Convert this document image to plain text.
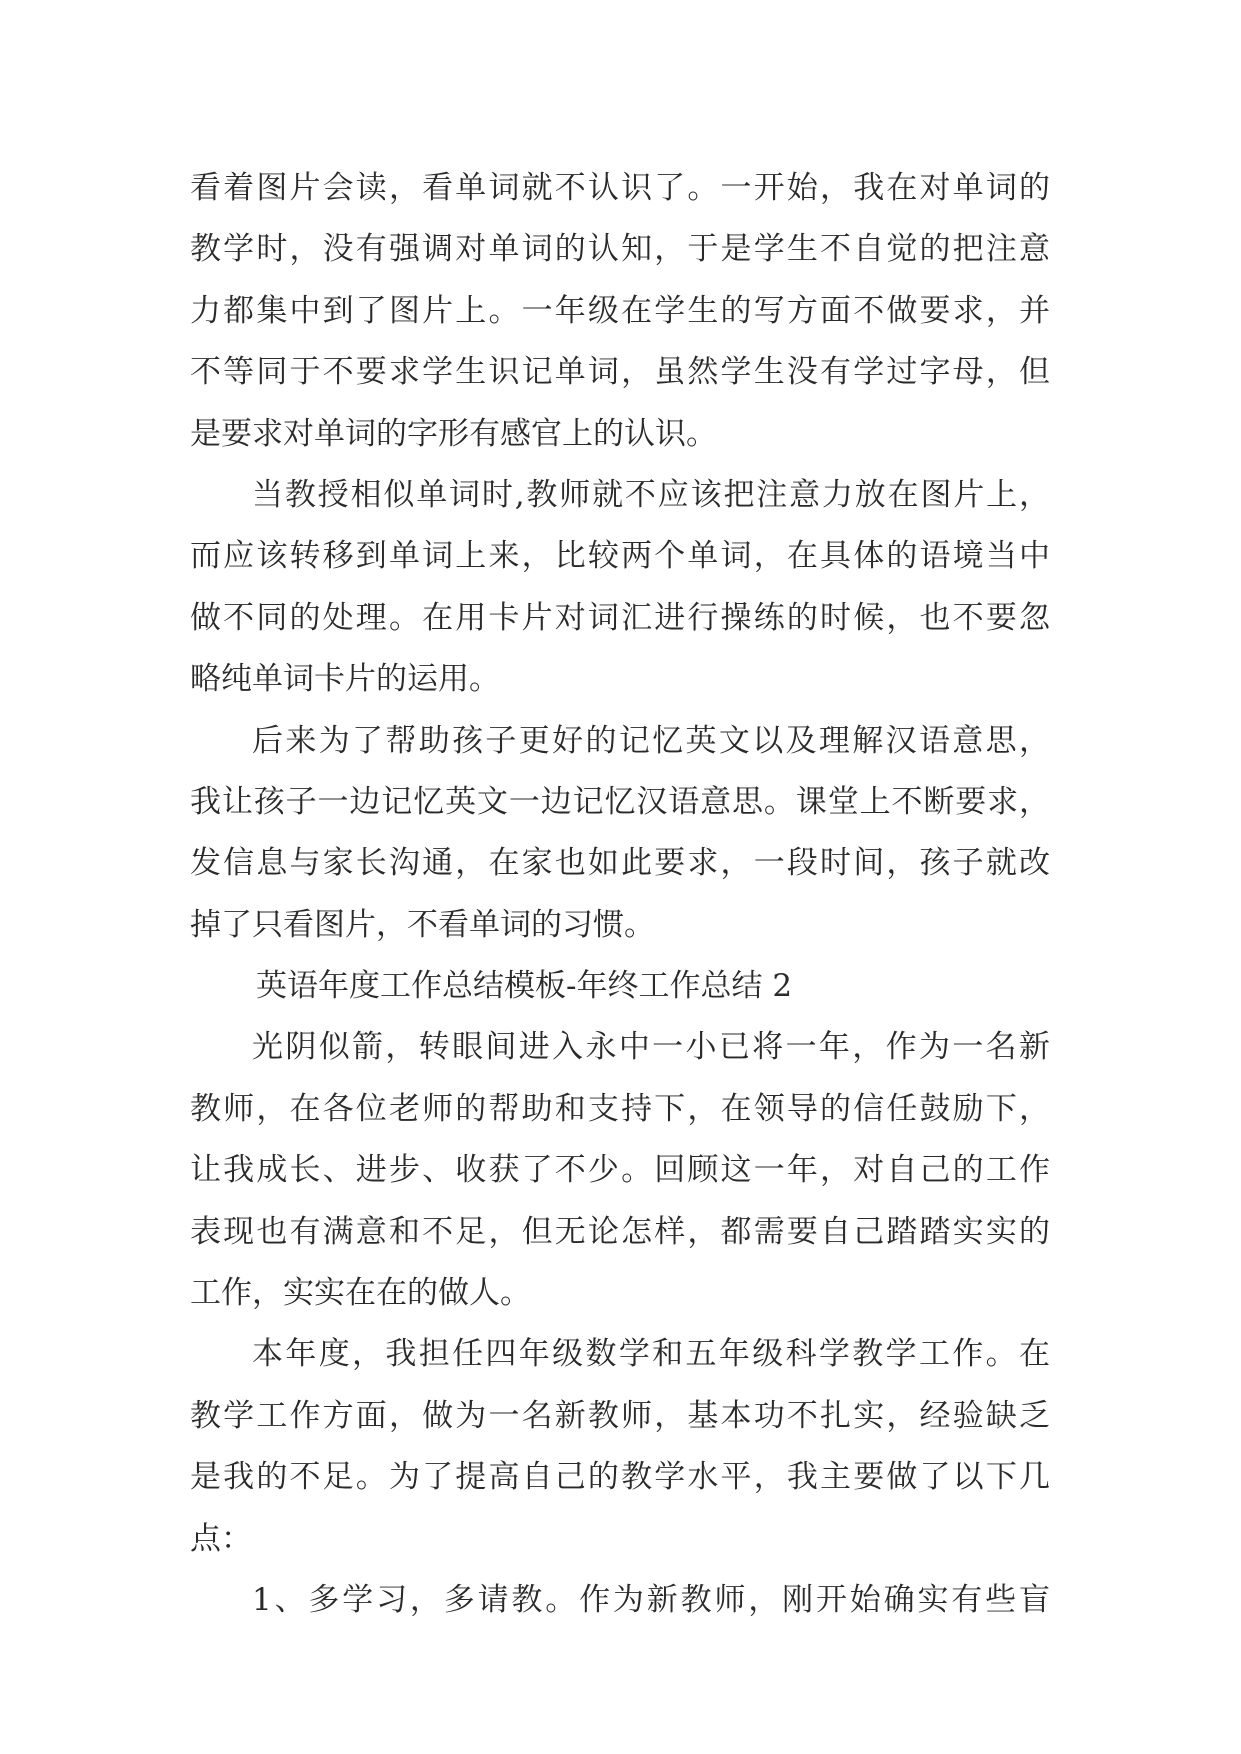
看着图片会读，看单词就不认识了。一开始，我在对单词的
教学时，没有强调对单词的认知，于是学生不自觉的把注意
力都集中到了图片上。一年级在学生的写方面不做要求，并
不等同于不要求学生识记单词，虽然学生没有学过字母，但
是要求对单词的字形有感官上的认识。
当教授相似单词时,教师就不应该把注意力放在图片上，
而应该转移到单词上来，比较两个单词，在具体的语境当中
做不同的处理。在用卡片对词汇进行操练的时候，也不要忽
略纯单词卡片的运用。
后来为了帮助孩子更好的记忆英文以及理解汉语意思，
我让孩子一边记忆英文一边记忆汉语意思。课堂上不断要求，
发信息与家长沟通，在家也如此要求，一段时间，孩子就改
掉了只看图片，不看单词的习惯。
英语年度工作总结模板-年终工作总结 2
光阴似箭，转眼间进入永中一小已将一年，作为一名新
教师，在各位老师的帮助和支持下，在领导的信任鼓励下，
让我成长、进步、收获了不少。回顾这一年，对自己的工作
表现也有满意和不足，但无论怎样，都需要自己踏踏实实的
工作，实实在在的做人。
本年度，我担任四年级数学和五年级科学教学工作。在
教学工作方面，做为一名新教师，基本功不扎实，经验缺乏
是我的不足。为了提高自己的教学水平，我主要做了以下几
点：
1、多学习，多请教。作为新教师，刚开始确实有些盲
